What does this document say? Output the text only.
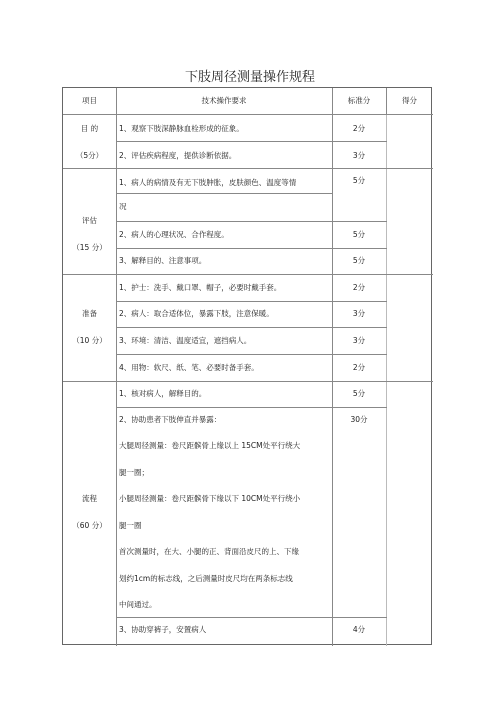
下肢周径测量操作规程
项目	技术操作要求	标准分	得分
目 的
（5分）
1、观察下肢深静脉血栓形成的征象。	2分
2、评估疾病程度，提供诊断依据。	3分
评估
（15 分）
1、病人的病情及有无下肢肿胀，皮肤颜色、温度等情
况
5分
2、病人的心理状况、合作程度。	5分
3、解释目的、注意事项。	5分
准备
（10 分）
1、护士：洗手、戴口罩、帽子，必要时戴手套。	2分
2、病人：取合适体位，暴露下肢，注意保暖。	3分
3、环境：清洁、温度适宜，遮挡病人。	3分
4、用物：软尺、纸、笔、必要时备手套。	2分
流程
（60 分）
1、核对病人，解释目的。	5分
2、协助患者下肢伸直并暴露：
大腿周径测量：卷尺距髌骨上缘以上 15CM处平行绕大
腿一圈；
小腿周径测量：卷尺距髌骨下缘以下 10CM处平行绕小
腿一圈
首次测量时，在大、小腿的正、背面沿皮尺的上、下缘
划约1cm的标志线，之后测量时皮尺均在两条标志线
中间通过。
30分
3、协助穿裤子，安置病人	4分
